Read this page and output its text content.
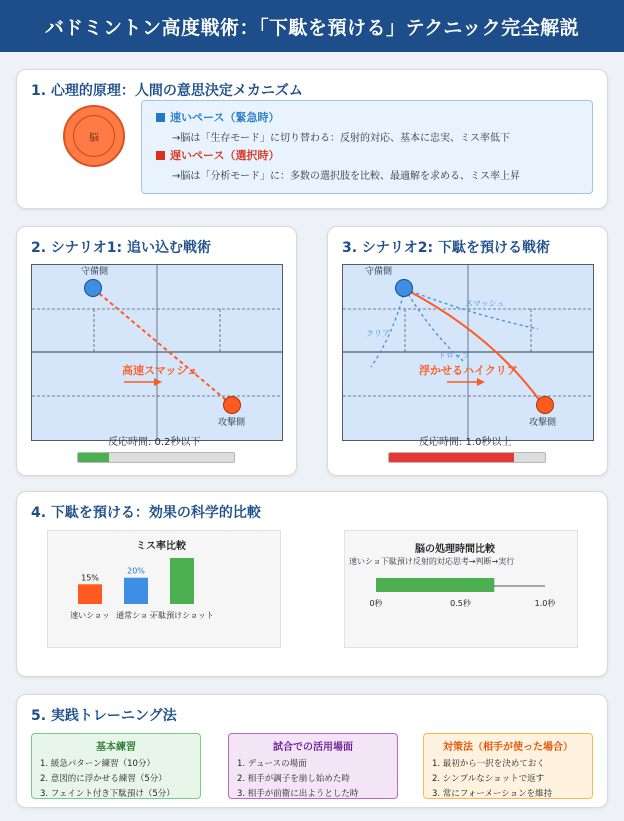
バドミントン高度戦術：「下駄を預ける」テクニック完全解説
1. 心理的原理：人間の意思決定メカニズム
脳
速いペース（緊急時）
→脳は「生存モード」に切り替わる：反射的対応、基本に忠実、ミス率低下
遅いペース（選択時）
→脳は「分析モード」に：多数の選択肢を比較、最適解を求める、ミス率上昇
2. シナリオ1: 追い込む戦術
守備側
攻撃側
高速スマッシュ
反応時間: 0.2秒以下
3. シナリオ2: 下駄を預ける戦術
守備側
スマッシュ
クリア
ドロップ
攻撃側
浮かせるハイクリア
反応時間: 1.0秒以上
4. 下駄を預ける：効果の科学的比較
ミス率比較
15%
速いショッ
20%
通常ショッ
下駄預けショット
脳の処理時間比較
速いショ下駄預け反射的対応思考→判断→実行
0秒	0.5秒	1.0秒
5. 実践トレーニング法
基本練習
1. 緩急パターン練習（10分）
2. 意図的に浮かせる練習（5分）
3. フェイント付き下駄預け（5分）
試合での活用場面
1. デュースの場面
2. 相手が調子を崩し始めた時
3. 相手が前衛に出ようとした時
対策法（相手が使った場合）
1. 最初から一択を決めておく
2. シンプルなショットで返す
3. 常にフォーメーションを維持
